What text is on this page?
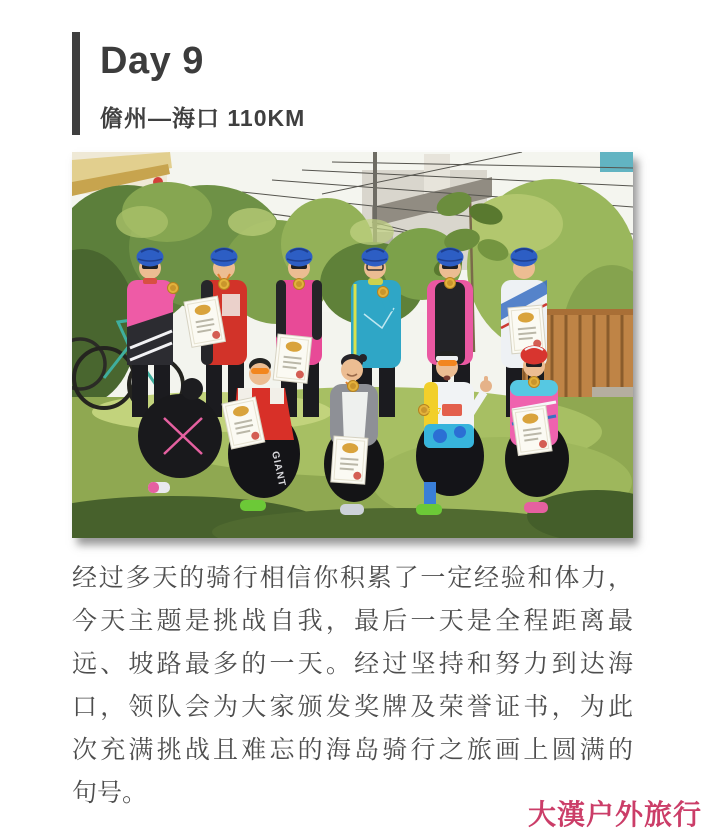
Day 9
儋州—海口 110KM
GIANT
517
经过多天的骑行相信你积累了一定经验和体力，
今天主题是挑战自我，最后一天是全程距离最
远、坡路最多的一天。经过坚持和努力到达海
口，领队会为大家颁发奖牌及荣誉证书，为此
次充满挑战且难忘的海岛骑行之旅画上圆满的
句号。
大漢户外旅行
